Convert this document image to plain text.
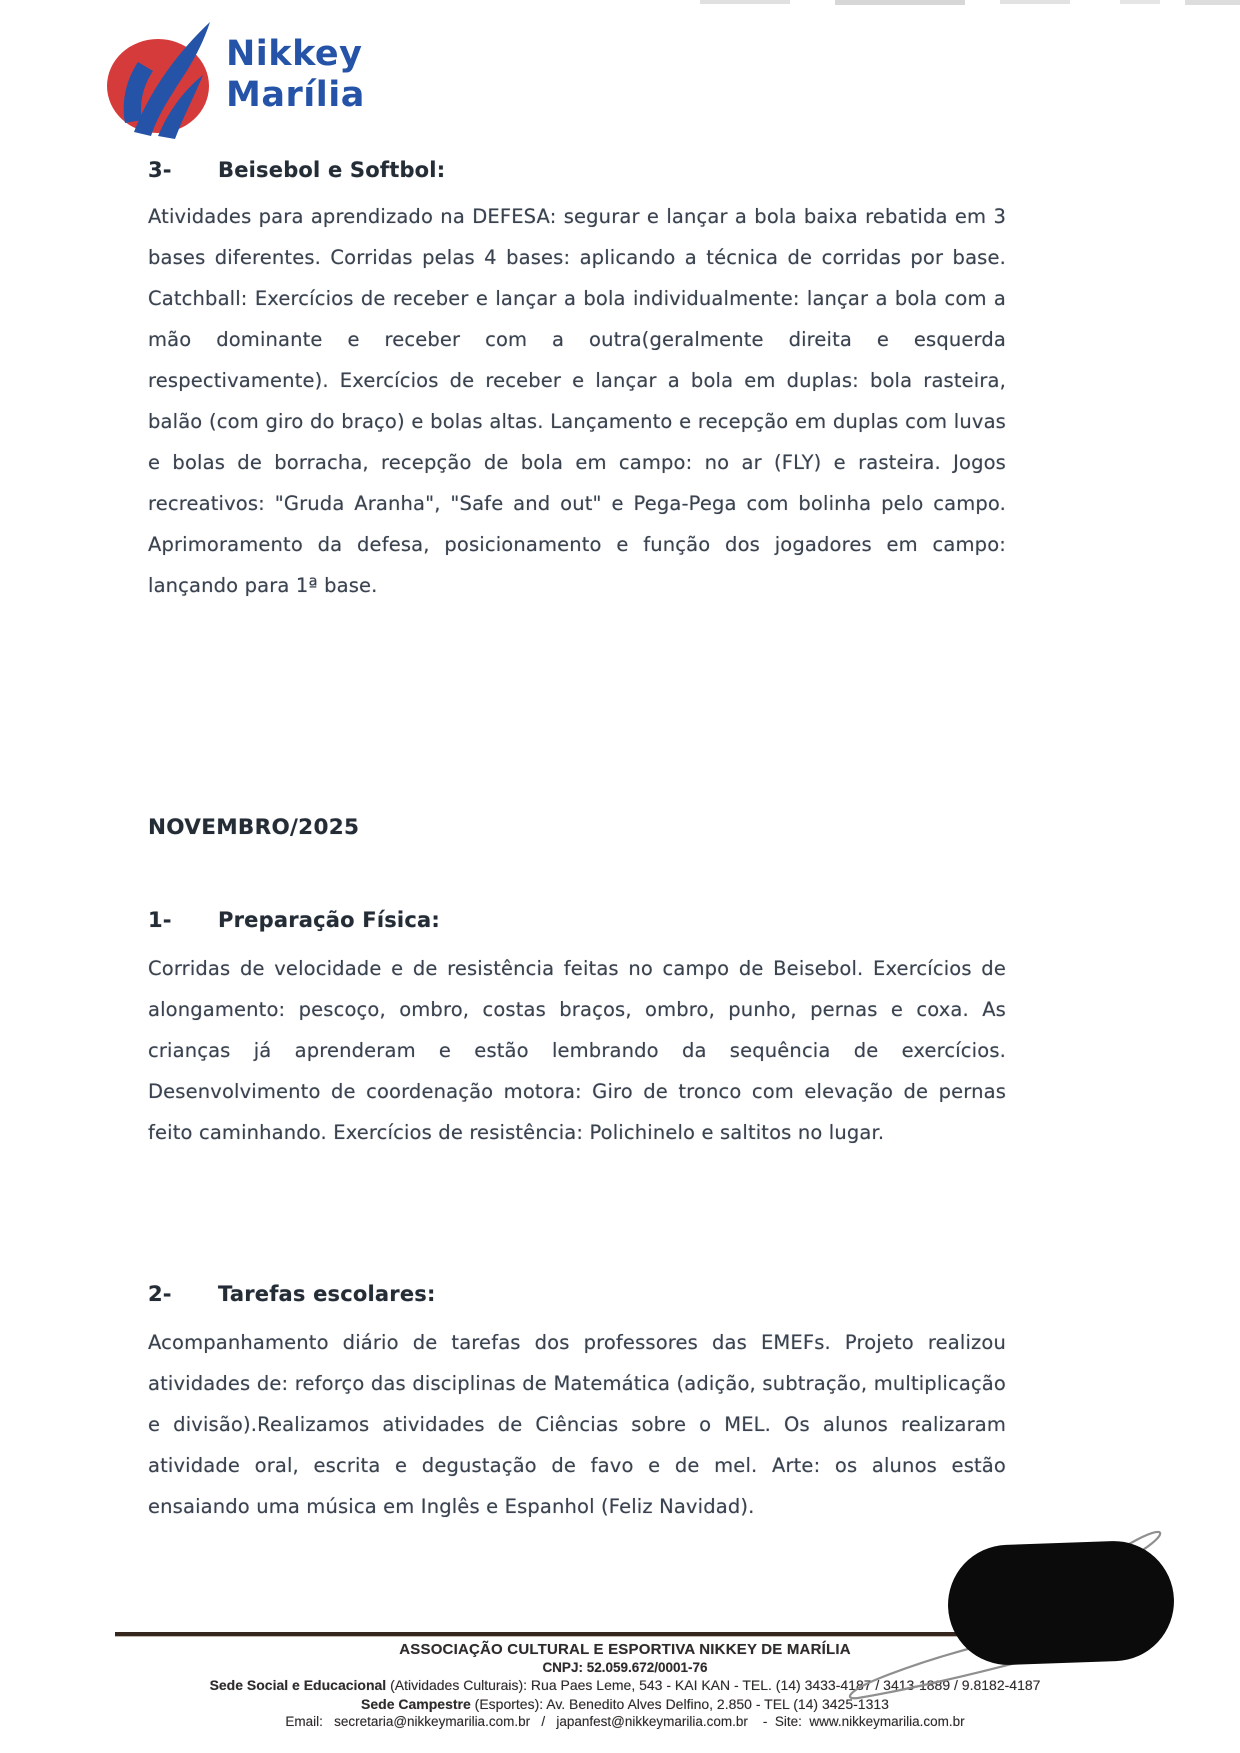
Nikkey
Marília
3- Beisebol e Softbol:

Atividades para aprendizado na DEFESA: segurar e lançar a bola baixa rebatida em 3 bases diferentes. Corridas pelas 4 bases: aplicando a técnica de corridas por base. Catchball: Exercícios de receber e lançar a bola individualmente: lançar a bola com a mão dominante e receber com a outra(geralmente direita e esquerda respectivamente). Exercícios de receber e lançar a bola em duplas: bola rasteira, balão (com giro do braço) e bolas altas. Lançamento e recepção em duplas com luvas e bolas de borracha, recepção de bola em campo: no ar (FLY) e rasteira. Jogos recreativos: "Gruda Aranha", "Safe and out" e Pega-Pega com bolinha pelo campo. Aprimoramento da defesa, posicionamento e função dos jogadores em campo: lançando para 1ª base.

NOVEMBRO/2025
1- Preparação Física:

Corridas de velocidade e de resistência feitas no campo de Beisebol. Exercícios de alongamento: pescoço, ombro, costas braços, ombro, punho, pernas e coxa. As crianças já aprenderam e estão lembrando da sequência de exercícios. Desenvolvimento de coordenação motora: Giro de tronco com elevação de pernas feito caminhando. Exercícios de resistência: Polichinelo e saltitos no lugar.

2- Tarefas escolares:

Acompanhamento diário de tarefas dos professores das EMEFs. Projeto realizou atividades de: reforço das disciplinas de Matemática (adição, subtração, multiplicação e divisão).Realizamos atividades de Ciências sobre o MEL. Os alunos realizaram atividade oral, escrita e degustação de favo e de mel. Arte: os alunos estão ensaiando uma música em Inglês e Espanhol (Feliz Navidad).

ASSOCIAÇÃO CULTURAL E ESPORTIVA NIKKEY DE MARÍLIA
CNPJ: 52.059.672/0001-76
Sede Social e Educacional (Atividades Culturais): Rua Paes Leme, 543 - KAI KAN - TEL. (14) 3433-4187 / 3413-1889 / 9.8182-4187
Sede Campestre (Esportes): Av. Benedito Alves Delfino, 2.850 - TEL (14) 3425-1313
Email:   secretaria@nikkeymarilia.com.br   /   japanfest@nikkeymarilia.com.br    -  Site:  www.nikkeymarilia.com.br
